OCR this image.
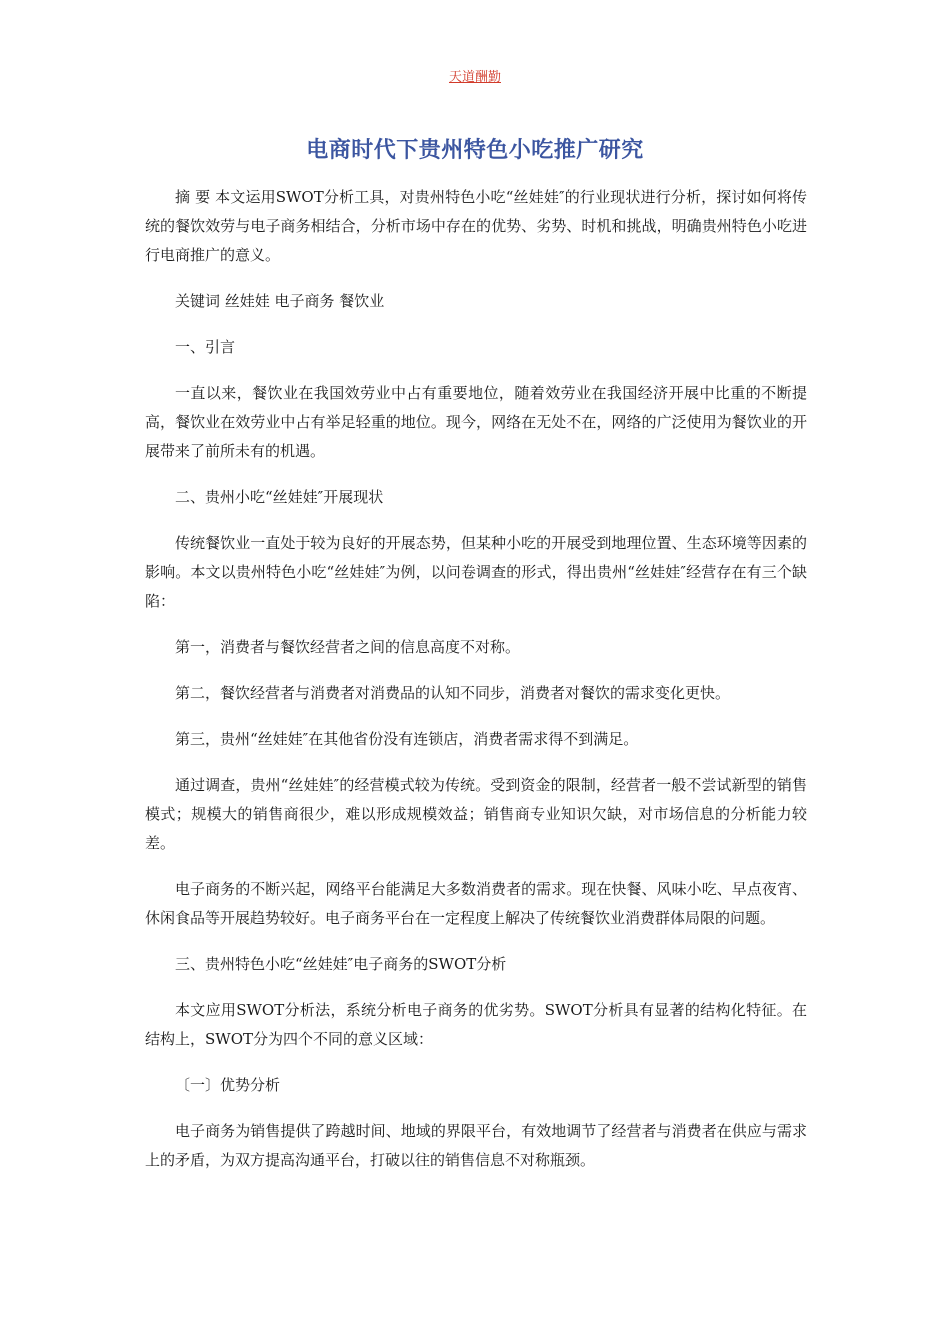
天道酬勤
电商时代下贵州特色小吃推广研究

摘 要 本文运用SWOT分析工具，对贵州特色小吃“丝娃娃″的行业现状进行分析，探讨如何将传统的餐饮效劳与电子商务相结合，分析市场中存在的优势、劣势、时机和挑战，明确贵州特色小吃进行电商推广的意义。

关键词 丝娃娃 电子商务 餐饮业

一、引言

一直以来，餐饮业在我国效劳业中占有重要地位，随着效劳业在我国经济开展中比重的不断提高，餐饮业在效劳业中占有举足轻重的地位。现今，网络在无处不在，网络的广泛使用为餐饮业的开展带来了前所未有的机遇。

二、贵州小吃“丝娃娃″开展现状

传统餐饮业一直处于较为良好的开展态势，但某种小吃的开展受到地理位置、生态环境等因素的影响。本文以贵州特色小吃“丝娃娃″为例，以问卷调查的形式，得出贵州“丝娃娃″经营存在有三个缺陷：

第一，消费者与餐饮经营者之间的信息高度不对称。

第二，餐饮经营者与消费者对消费品的认知不同步，消费者对餐饮的需求变化更快。

第三，贵州“丝娃娃″在其他省份没有连锁店，消费者需求得不到满足。

通过调查，贵州“丝娃娃″的经营模式较为传统。受到资金的限制，经营者一般不尝试新型的销售模式；规模大的销售商很少，难以形成规模效益；销售商专业知识欠缺，对市场信息的分析能力较差。

电子商务的不断兴起，网络平台能满足大多数消费者的需求。现在快餐、风味小吃、早点夜宵、休闲食品等开展趋势较好。电子商务平台在一定程度上解决了传统餐饮业消费群体局限的问题。

三、贵州特色小吃“丝娃娃″电子商务的SWOT分析

本文应用SWOT分析法，系统分析电子商务的优劣势。SWOT分析具有显著的结构化特征。在结构上，SWOT分为四个不同的意义区域：

〔一〕优势分析

电子商务为销售提供了跨越时间、地域的界限平台，有效地调节了经营者与消费者在供应与需求上的矛盾，为双方提高沟通平台，打破以往的销售信息不对称瓶颈。
